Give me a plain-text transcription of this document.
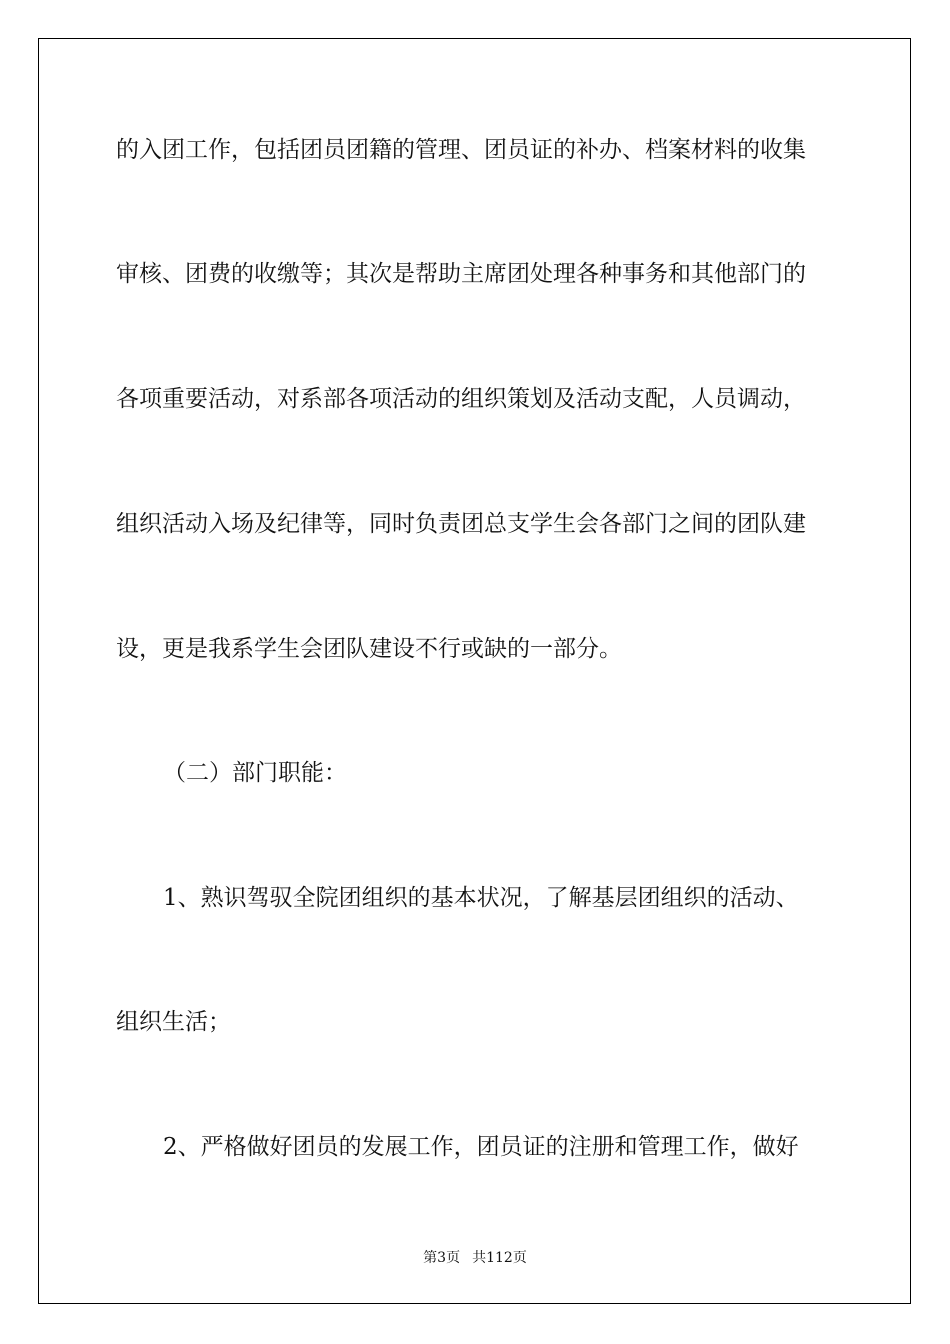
的入团工作，包括团员团籍的管理、团员证的补办、档案材料的收集
审核、团费的收缴等；其次是帮助主席团处理各种事务和其他部门的
各项重要活动，对系部各项活动的组织策划及活动支配，人员调动，
组织活动入场及纪律等，同时负责团总支学生会各部门之间的团队建
设，更是我系学生会团队建设不行或缺的一部分。
（二）部门职能：
1、熟识驾驭全院团组织的基本状况，了解基层团组织的活动、
组织生活；
2、严格做好团员的发展工作，团员证的注册和管理工作，做好
第3页 共112页
